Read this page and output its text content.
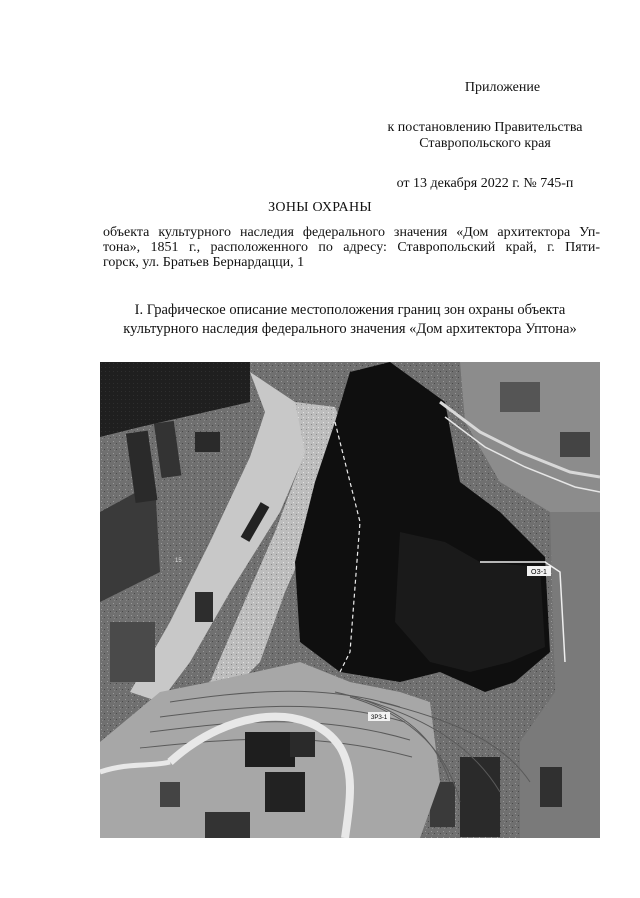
Приложение
к постановлению Правительства
Ставропольского края
от 13 декабря 2022 г. № 745-п
ЗОНЫ ОХРАНЫ
объекта культурного наследия федерального значения «Дом архитектора Уп-
тона», 1851 г., расположенного по адресу: Ставропольский край, г. Пяти-
горск, ул. Братьев Бернардацци, 1
I. Графическое описание местоположения границ зон охраны объекта
культурного наследия федерального значения «Дом архитектора Уптона»
ОЗ-1
ЗРЗ-1
15
